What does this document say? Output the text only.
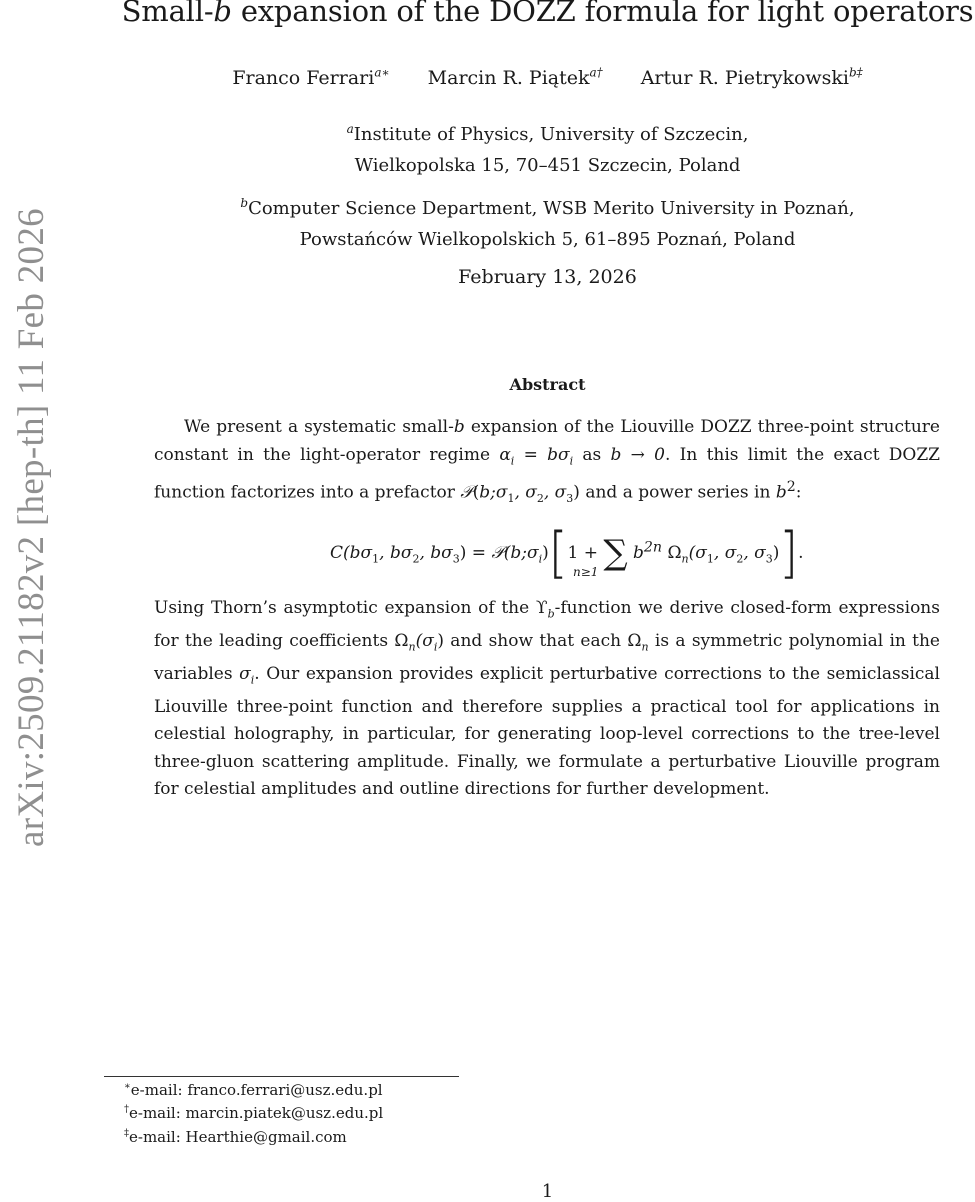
arXiv:2509.21182v2 [hep-th] 11 Feb 2026
Small-b expansion of the DOZZ formula for light operators
Franco Ferrari$^{a∗}$ Marcin R. Piątek$^{a\dagger}$ Artur R. Pietrykowski$^{b\ddagger}$
$^a$Institute of Physics, University of Szczecin,
Wielkopolska 15, 70–451 Szczecin, Poland
$^b$Computer Science Department, WSB Merito University in Poznań,
Powstańców Wielkopolskich 5, 61–895 Poznań, Poland
February 13, 2026
Abstract

We present a systematic small-b expansion of the Liouville DOZZ three-point structure constant in the light-operator regime $\alpha_i = b\sigma_i$ as b → 0. In this limit the exact DOZZ function factorizes into a prefactor $𝒫(b;\sigma_1$, $\sigma_2$, $\sigma_3$) and a power series in $b^2$:

$C(b\sigma_1$, $b\sigma_2$, $b\sigma_3$) = $𝒫(b;\sigma_i)[1$ + ∑ $b^{2n}$ $\Omega_n(\sigma_1$, $\sigma_2$, $\sigma_3$)].
n≥1

Using Thorn’s asymptotic expansion of the $ϒ_b$-function we derive closed-form expressions for the leading coefficients $\Omega_n(\sigma_i)$ and show that each $\Omega_n$ is a symmetric polynomial in the variables $\sigma_i$. Our expansion provides explicit perturbative corrections to the semiclassical Liouville three-point function and therefore supplies a practical tool for applications in celestial holography, in particular, for generating loop-level corrections to the tree-level three-gluon scattering amplitude. Finally, we formulate a perturbative Liouville program for celestial amplitudes and outline directions for further development.

∗e-mail: franco.ferrari@usz.edu.pl
†e-mail: marcin.piatek@usz.edu.pl
‡e-mail: Hearthie@gmail.com
1
